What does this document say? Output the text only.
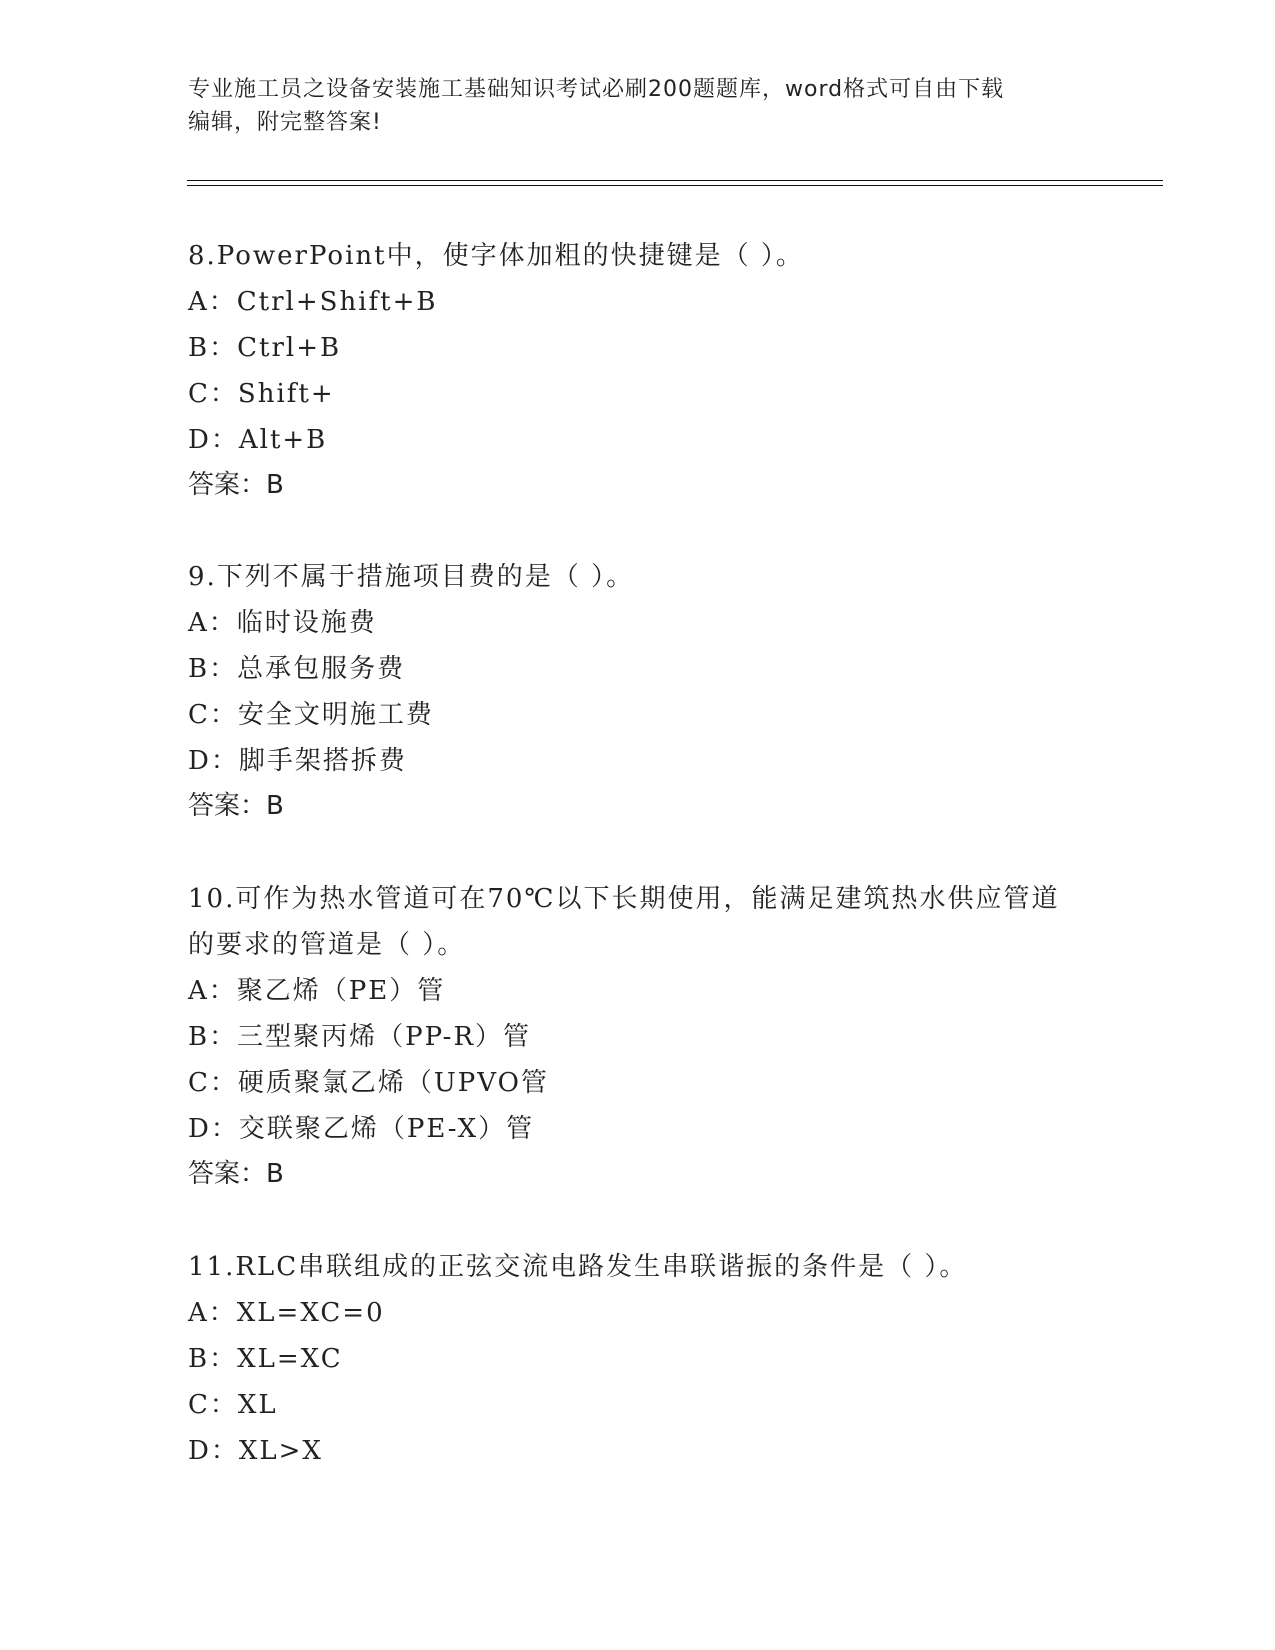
专业施工员之设备安装施工基础知识考试必刷200题题库，word格式可自由下载
编辑，附完整答案!

8.PowerPoint中，使字体加粗的快捷键是（ ）。

A：Ctrl+Shift+B

B：Ctrl+B

C：Shift+

D：Alt+B

答案：B

9.下列不属于措施项目费的是（ ）。

A：临时设施费

B：总承包服务费

C：安全文明施工费

D：脚手架搭拆费

答案：B

10.可作为热水管道可在70℃以下长期使用，能满足建筑热水供应管道

的要求的管道是（ ）。

A：聚乙烯（PE）管

B：三型聚丙烯（PP-R）管

C：硬质聚氯乙烯（UPVO管

D：交联聚乙烯（PE-X）管

答案：B

11.RLC串联组成的正弦交流电路发生串联谐振的条件是（ ）。

A：XL=XC=0

B：XL=XC

C：XL

D：XL>X
